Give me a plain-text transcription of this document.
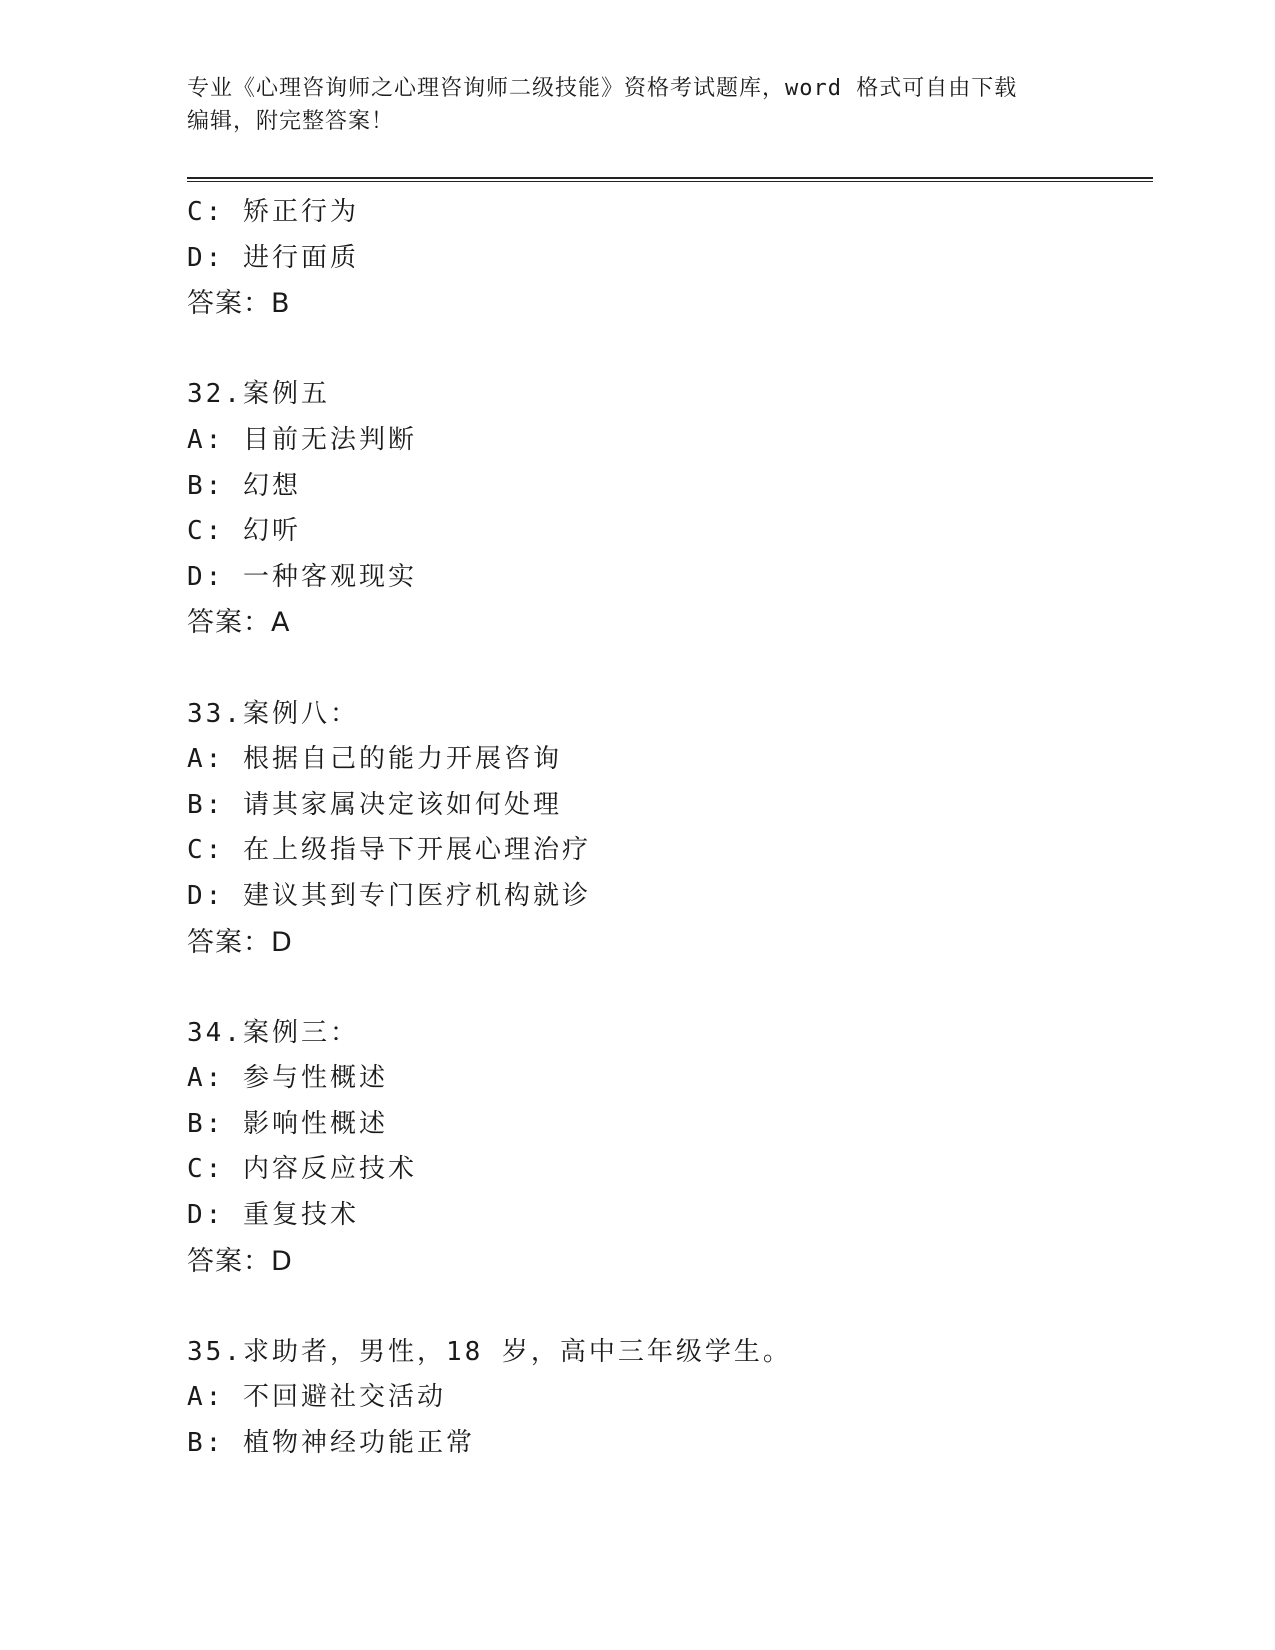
专业《心理咨询师之心理咨询师二级技能》资格考试题库，word 格式可自由下载
编辑，附完整答案！
C: 矫正行为
D: 进行面质
答案：B
32.案例五
A: 目前无法判断
B: 幻想
C: 幻听
D: 一种客观现实
答案：A
33.案例八：
A: 根据自己的能力开展咨询
B: 请其家属决定该如何处理
C: 在上级指导下开展心理治疗
D: 建议其到专门医疗机构就诊
答案：D
34.案例三：
A: 参与性概述
B: 影响性概述
C: 内容反应技术
D: 重复技术
答案：D
35.求助者，男性，18 岁，高中三年级学生。
A: 不回避社交活动
B: 植物神经功能正常
